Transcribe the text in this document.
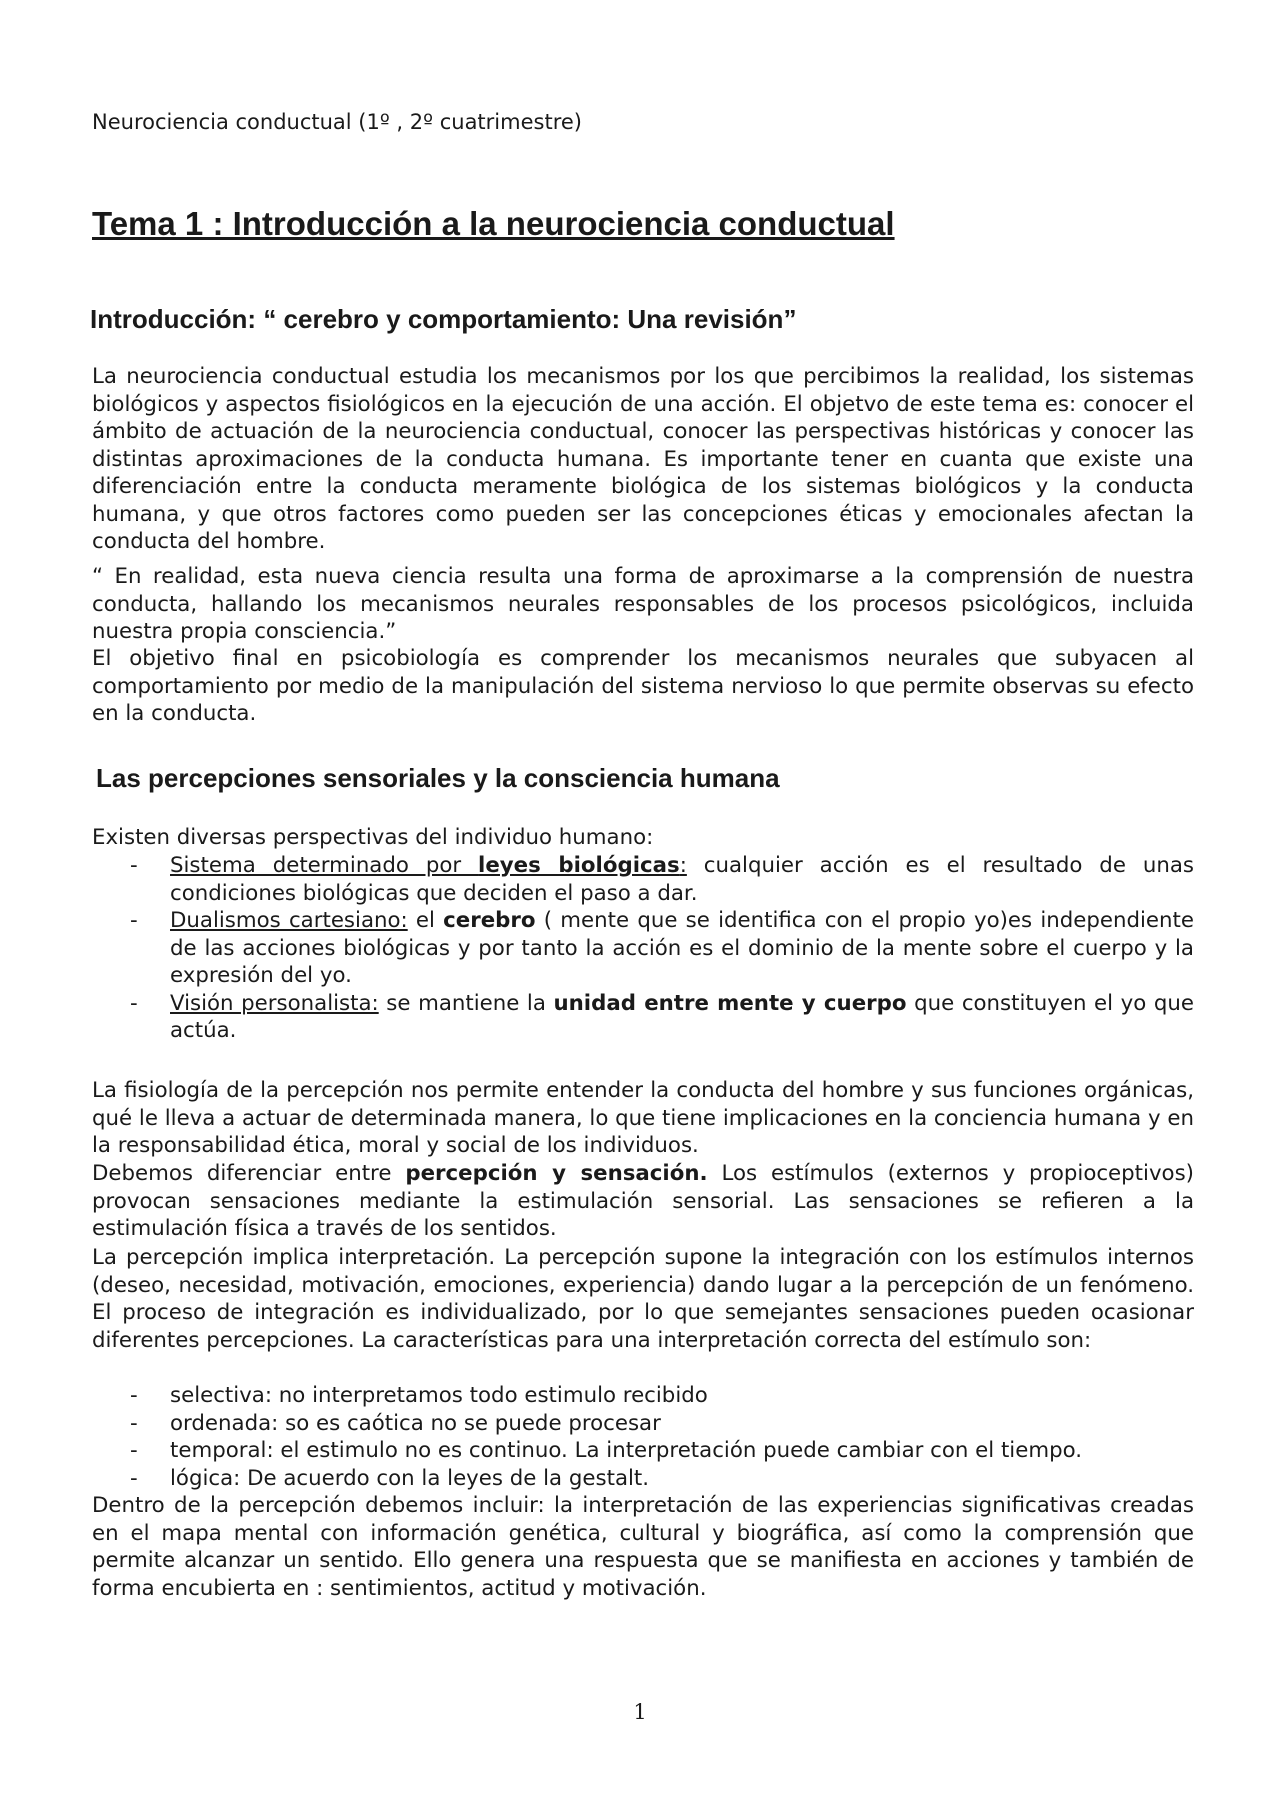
Neurociencia conductual (1º , 2º cuatrimestre)

Tema 1 : Introducción a la neurociencia conductual
Introducción: “ cerebro y comportamiento: Una revisión”

La neurociencia conductual estudia los mecanismos por los que percibimos la realidad, los sistemas biológicos y aspectos fisiológicos en la ejecución de una acción. El objetvo de este tema es: conocer el ámbito de actuación de la neurociencia conductual, conocer las perspectivas históricas y conocer las distintas aproximaciones de la conducta humana. Es importante tener en cuanta que existe una diferenciación entre la conducta meramente biológica de los sistemas biológicos y la conducta humana, y que otros factores como pueden ser las concepciones éticas y emocionales afectan la conducta del hombre.

“ En realidad, esta nueva ciencia resulta una forma de aproximarse a la comprensión de nuestra conducta, hallando los mecanismos neurales responsables de los procesos psicológicos, incluida nuestra propia consciencia.”

El objetivo final en psicobiología es comprender los mecanismos neurales que subyacen al comportamiento por medio de la manipulación del sistema nervioso lo que permite observas su efecto en la conducta.

Las percepciones sensoriales y la consciencia humana

Existen diversas perspectivas del individuo humano:

- Sistema determinado por leyes biológicas: cualquier acción es el resultado de unas condiciones biológicas que deciden el paso a dar.
- Dualismos cartesiano: el cerebro ( mente que se identifica con el propio yo)es independiente de las acciones biológicas y por tanto la acción es el dominio de la mente sobre el cuerpo y la expresión del yo.
- Visión personalista: se mantiene la unidad entre mente y cuerpo que constituyen el yo que actúa.

La fisiología de la percepción nos permite entender la conducta del hombre y sus funciones orgánicas, qué le lleva a actuar de determinada manera, lo que tiene implicaciones en la conciencia humana y en la responsabilidad ética, moral y social de los individuos.

Debemos diferenciar entre percepción y sensación. Los estímulos (externos y propioceptivos) provocan sensaciones mediante la estimulación sensorial. Las sensaciones se refieren a la estimulación física a través de los sentidos.

La percepción implica interpretación. La percepción supone la integración con los estímulos internos (deseo, necesidad, motivación, emociones, experiencia) dando lugar a la percepción de un fenómeno. El proceso de integración es individualizado, por lo que semejantes sensaciones pueden ocasionar diferentes percepciones. La características para una interpretación correcta del estímulo son:

- selectiva: no interpretamos todo estimulo recibido
- ordenada: so es caótica no se puede procesar
- temporal: el estimulo no es continuo. La interpretación puede cambiar con el tiempo.
- lógica: De acuerdo con la leyes de la gestalt.

Dentro de la percepción debemos incluir: la interpretación de las experiencias significativas creadas en el mapa mental con información genética, cultural y biográfica, así como la comprensión que permite alcanzar un sentido. Ello genera una respuesta que se manifiesta en acciones y también de forma encubierta en : sentimientos, actitud y motivación.

1
